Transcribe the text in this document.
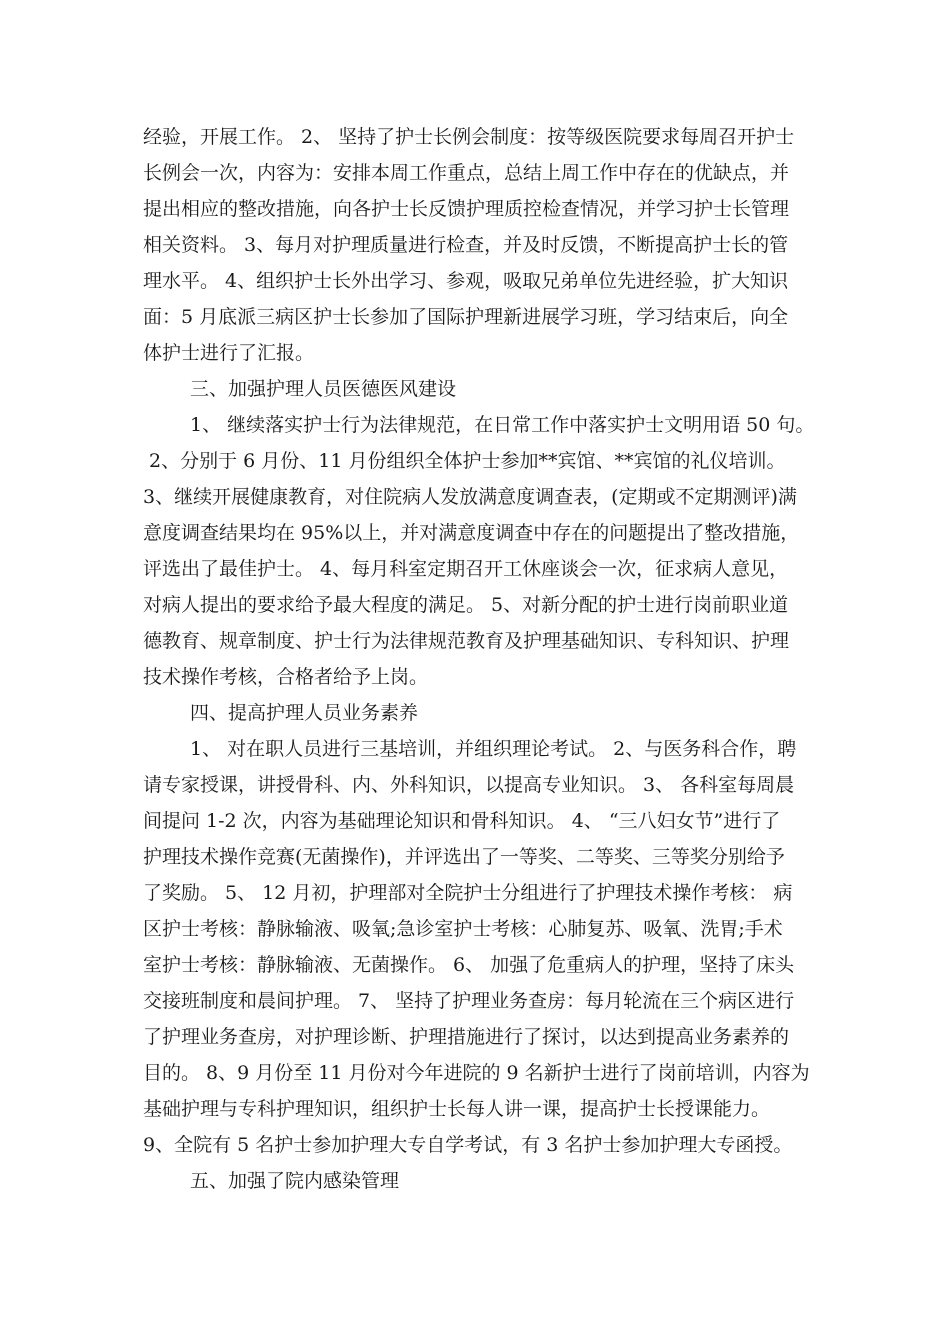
经验，开展工作。 2、 坚持了护士长例会制度：按等级医院要求每周召开护士
长例会一次，内容为：安排本周工作重点，总结上周工作中存在的优缺点，并
提出相应的整改措施，向各护士长反馈护理质控检查情况，并学习护士长管理
相关资料。 3、每月对护理质量进行检查，并及时反馈，不断提高护士长的管
理水平。 4、组织护士长外出学习、参观，吸取兄弟单位先进经验，扩大知识
面：5 月底派三病区护士长参加了国际护理新进展学习班，学习结束后，向全
体护士进行了汇报。
三、加强护理人员医德医风建设
1、 继续落实护士行为法律规范，在日常工作中落实护士文明用语 50 句。
2、分别于 6 月份、11 月份组织全体护士参加**宾馆、**宾馆的礼仪培训。
3、继续开展健康教育，对住院病人发放满意度调查表，(定期或不定期测评)满
意度调查结果均在 95%以上，并对满意度调查中存在的问题提出了整改措施，
评选出了最佳护士。 4、每月科室定期召开工休座谈会一次，征求病人意见，
对病人提出的要求给予最大程度的满足。 5、对新分配的护士进行岗前职业道
德教育、规章制度、护士行为法律规范教育及护理基础知识、专科知识、护理
技术操作考核，合格者给予上岗。
四、提高护理人员业务素养
1、 对在职人员进行三基培训，并组织理论考试。 2、与医务科合作，聘
请专家授课，讲授骨科、内、外科知识，以提高专业知识。 3、 各科室每周晨
间提问 1-2 次，内容为基础理论知识和骨科知识。 4、 “三八妇女节”进行了
护理技术操作竞赛(无菌操作)，并评选出了一等奖、二等奖、三等奖分别给予
了奖励。 5、 12 月初，护理部对全院护士分组进行了护理技术操作考核： 病
区护士考核：静脉输液、吸氧;急诊室护士考核：心肺复苏、吸氧、洗胃;手术
室护士考核：静脉输液、无菌操作。 6、 加强了危重病人的护理，坚持了床头
交接班制度和晨间护理。 7、 坚持了护理业务查房：每月轮流在三个病区进行
了护理业务查房，对护理诊断、护理措施进行了探讨，以达到提高业务素养的
目的。 8、9 月份至 11 月份对今年进院的 9 名新护士进行了岗前培训，内容为
基础护理与专科护理知识，组织护士长每人讲一课，提高护士长授课能力。
9、全院有 5 名护士参加护理大专自学考试，有 3 名护士参加护理大专函授。
五、加强了院内感染管理
